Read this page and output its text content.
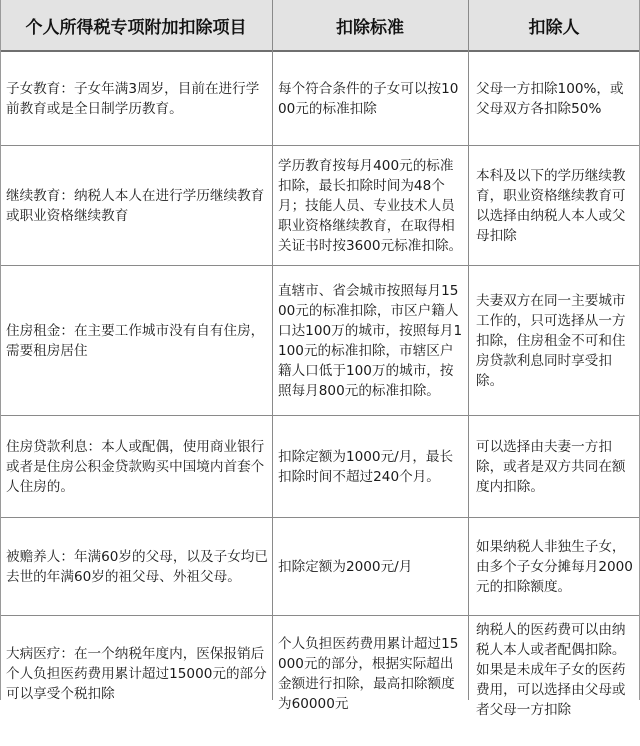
个人所得税专项附加扣除项目	扣除标准	扣除人
子女教育：子女年满3周岁，目前在进行学前教育或是全日制学历教育。
每个符合条件的子女可以按1000元的标准扣除
父母一方扣除100%，或父母双方各扣除50%
继续教育：纳税人本人在进行学历继续教育或职业资格继续教育
学历教育按每月400元的标准扣除，最长扣除时间为48个月；技能人员、专业技术人员职业资格继续教育，在取得相关证书时按3600元标准扣除。
本科及以下的学历继续教育，职业资格继续教育可以选择由纳税人本人或父母扣除
住房租金：在主要工作城市没有自有住房，需要租房居住
直辖市、省会城市按照每月1500元的标准扣除，市区户籍人口达100万的城市，按照每月1100元的标准扣除，市辖区户籍人口低于100万的城市，按照每月800元的标准扣除。
夫妻双方在同一主要城市工作的，只可选择从一方扣除，住房租金不可和住房贷款利息同时享受扣除。
住房贷款利息：本人或配偶，使用商业银行或者是住房公积金贷款购买中国境内首套个人住房的。
扣除定额为1000元/月，最长扣除时间不超过240个月。
可以选择由夫妻一方扣除，或者是双方共同在额度内扣除。
被赡养人：年满60岁的父母，以及子女均已去世的年满60岁的祖父母、外祖父母。
扣除定额为2000元/月
如果纳税人非独生子女，由多个子女分摊每月2000元的扣除额度。
大病医疗：在一个纳税年度内，医保报销后个人负担医药费用累计超过15000元的部分可以享受个税扣除
个人负担医药费用累计超过15000元的部分，根据实际超出金额进行扣除，最高扣除额度为60000元
纳税人的医药费可以由纳税人本人或者配偶扣除。如果是未成年子女的医药费用，可以选择由父母或者父母一方扣除
